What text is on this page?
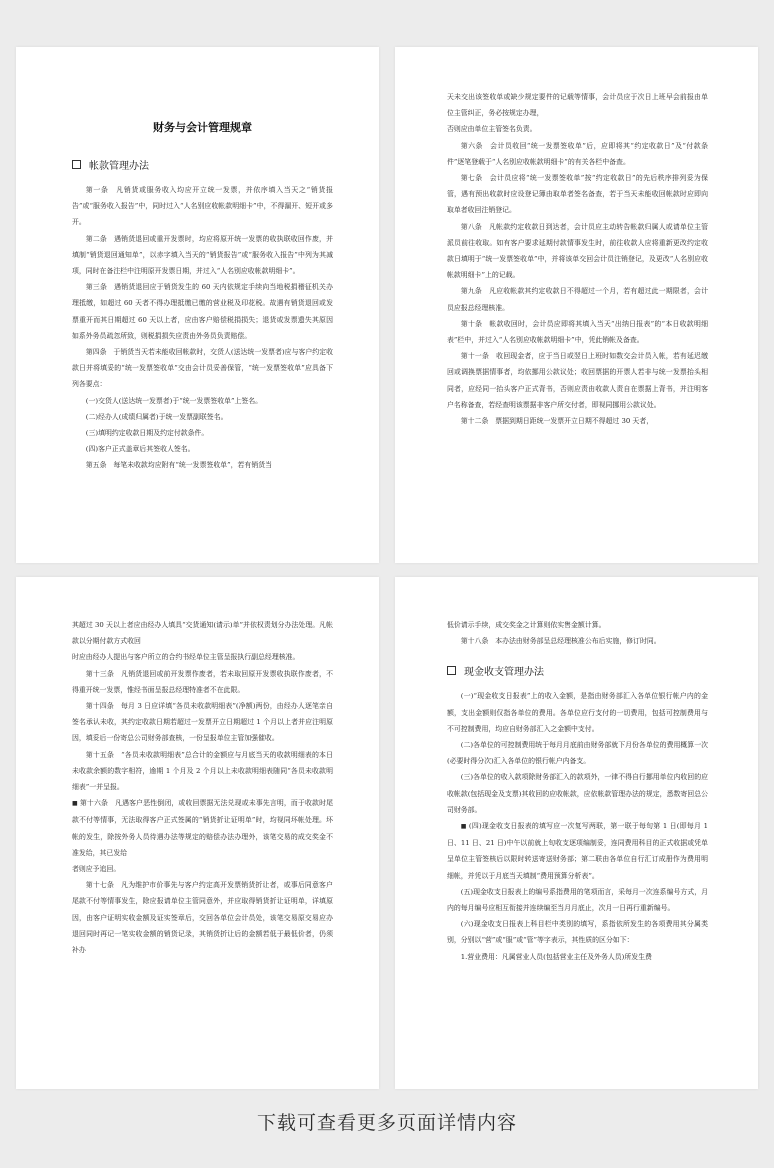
财务与会计管理规章
帐款管理办法

第一条　凡销货或服务收入均应开立统一发票，并依序填入当天之“销货报告”或“服务收入报告”中，同时过入“人名别应收帐款明细卡”中，不得漏开、短开或多开。

第二条　遇销货退回或重开发票时，均应将原开统一发票的收执联收回作废，并填制“销货退回通知单”，以赤字填入当天的“销货报告”或“服务收入报告”中列为其减项，同时在备注栏中注明原开发票日期，并过入“人名别应收帐款明细卡”。

第三条　遇销货退回应于销货发生的 60 天内依规定手续向当地税捐稽征机关办理抵缴，如超过 60 天者不得办理抵缴已缴的营业税及印花税。故遇有销货退回或发票重开而其日期超过 60 天以上者，应由客户赔偿税捐损失；退货或发票遗失其原因如系外务员疏忽所致，则税捐损失应责由外务员负责赔偿。

第四条　于销货当天若未能收回帐款时，交货人(送达统一发票者)应与客户约定收款日并将填妥的“统一发票签收单”交由会计员妥善保管，“统一发票签收单”应具备下列各要点：

(一)交货人(送达统一发票者)于“统一发票签收单”上签名。

(二)经办人(成绩归属者)于统一发票副联签名。

(三)填明约定收款日期及约定付款条件。

(四)客户正式盖章后其签收人签名。

第五条　每笔未收款均应附有“统一发票签收单”，若有销货当

天未交出该签收单或缺少规定要件的记载等情事，会计员应于次日上班早会前报由单位主管纠正，务必按规定办理，

否则应由单位主管签名负责。

第六条　会计员收回“统一发票签收单”后，应即将其“约定收款日”及“付款条件”逐笔登载于“人名别应收帐款明细卡”的有关各栏中备查。

第七条　会计员应将“统一发票签收单”按“约定收款日”的先后秩序排列妥为保管，遇有预出收款时应设登记簿由取单者签名备查，若于当天未能收回帐款时应即向取单者收回注销登记。

第八条　凡帐款约定收款日到达者，会计员应主动转告帐款归属人或请单位主管派员前往收取。如有客户要求延期付款情事发生时，前往收款人应将重新更改约定收款日填明于“统一发票签收单”中，并将该单交回会计员注销登记，及更改“人名别应收帐款明细卡”上的记载。

第九条　凡应收帐款其约定收款日不得超过一个月，若有超过此一期限者，会计员应报总经理核准。

第十条　帐款收回时，会计员应即将其填入当天“出纳日报表”的“本日收款明细表”栏中，并过入“人名别应收帐款明细卡”中，凭此销帐及备查。

第十一条　收回现金者，应于当日或翌日上班时如数交会计员入帐，若有延迟缴回或调换票据情事者，均依挪用公款议处；收回票据的开票人若非与统一发票抬头相同者，应经同一抬头客户正式背书，否则应责由收款人责自在票据上背书，并注明客户名称备查，若经查明该票据非客户所交付者，即视同挪用公款议处。

第十二条　票据到期日距统一发票开立日期不得超过 30 天者，

其超过 30 天以上者应由经办人填具“交货通知(请示)单”并依权责划分办法处理。凡帐款以分期付款方式收回

时应由经办人提出与客户所立的合约书经单位主管呈报执行副总经理核准。

第十三条　凡销货退回或前开发票作废者，若未取回原开发票收执联作废者，不得重开统一发票，惟经书面呈报总经理特准者不在此限。

第十四条　每月 3 日应详填“各员未收款明细表”(净额)两份，由经办人逐笔亲自签名承认未收，其约定收款日期若超过一发票开立日期超过 1 个月以上者并应注明原因，填妥后一份寄总公司财务部查核，一份呈报单位主管加强催收。

第十五条　“各员未收款明细表”总合计的金额应与月底当天的收款明细表的本日未收款余额的数字相符，逾期 1 个月及 2 个月以上未收款明细表随同“各员未收款明细表”一并呈报。

■ 第十六条　凡遇客户恶性倒闭，或收回票据无法兑现或未事先言明，而于收款时尾款不付等情事，无法取得客户正式签属的“销货折让证明单”时，均视同坏帐处理。坏帐的发生，除按外务人员待遇办法等规定的赔偿办法办理外，该笔交易的成交奖金不准发给，其已发给

者则应予追回。

第十七条　凡为维护市价事先与客户约定高开发票销货折让者，或事后同意客户尾款不付等情事发生，除应报请单位主管同意外，并应取得销货折让证明单，详填原因，由客户证明实收金额及证实签章后，交回各单位会计员处，该笔交易原交易应办退回同时再记一笔实收金额的销货记录，其销货折让后的金额若低于最低价者，仍须补办

低价请示手续，成交奖金之计算则依实售金额计算。

第十八条　本办法由财务部呈总经理核准公布后实施，修订时同。

现金收支管理办法

(一)“现金收支日报表”上的收入金额，是指由财务部汇入各单位银行帐户内的金额，支出金额则仅指各单位的费用。各单位应行支付的一切费用，包括可控制费用与不可控制费用，均应自财务部汇入之金额中支付。

(二)各单位的可控制费用统于每月月底前由财务部就下月份各单位的费用概算一次(必要时得分次)汇入各单位的银行帐户内备支。

(三)各单位的收入款项除财务部汇入的款项外，一律不得自行挪用单位内收回的应收帐款(包括现金及支票)其收回的应收帐款，应依帐款管理办法的规定，悉数寄回总公司财务部。

■ (四)现金收支日报表的填写应一次复写两联，第一联于每旬第 1 日(即每月 1 日、11 日、21 日)中午以前就上旬收支逐项编制妥，连同费用科目的正式收据或凭单呈单位主管签核后以限时转送寄送财务部；第二联由各单位自行汇订成册作为费用明细帐，并凭以于月底当天填制“费用预算分析表”。

(五)现金收支日报表上的编号系指费用的笔项而言，采每月一次连系编号方式，月内的每月编号应相互衔接并连续编至当月月底止，次月一日再行重新编号。

(六)现金收支日报表上科目栏中类别的填写，系指依所发生的各项费用其分属类别，分别以“营”或“服”或“管”等字表示，其性质的区分如下：

1.营业费用：凡属营业人员(包括营业主任及外务人员)所发生费

下载可查看更多页面详情内容
